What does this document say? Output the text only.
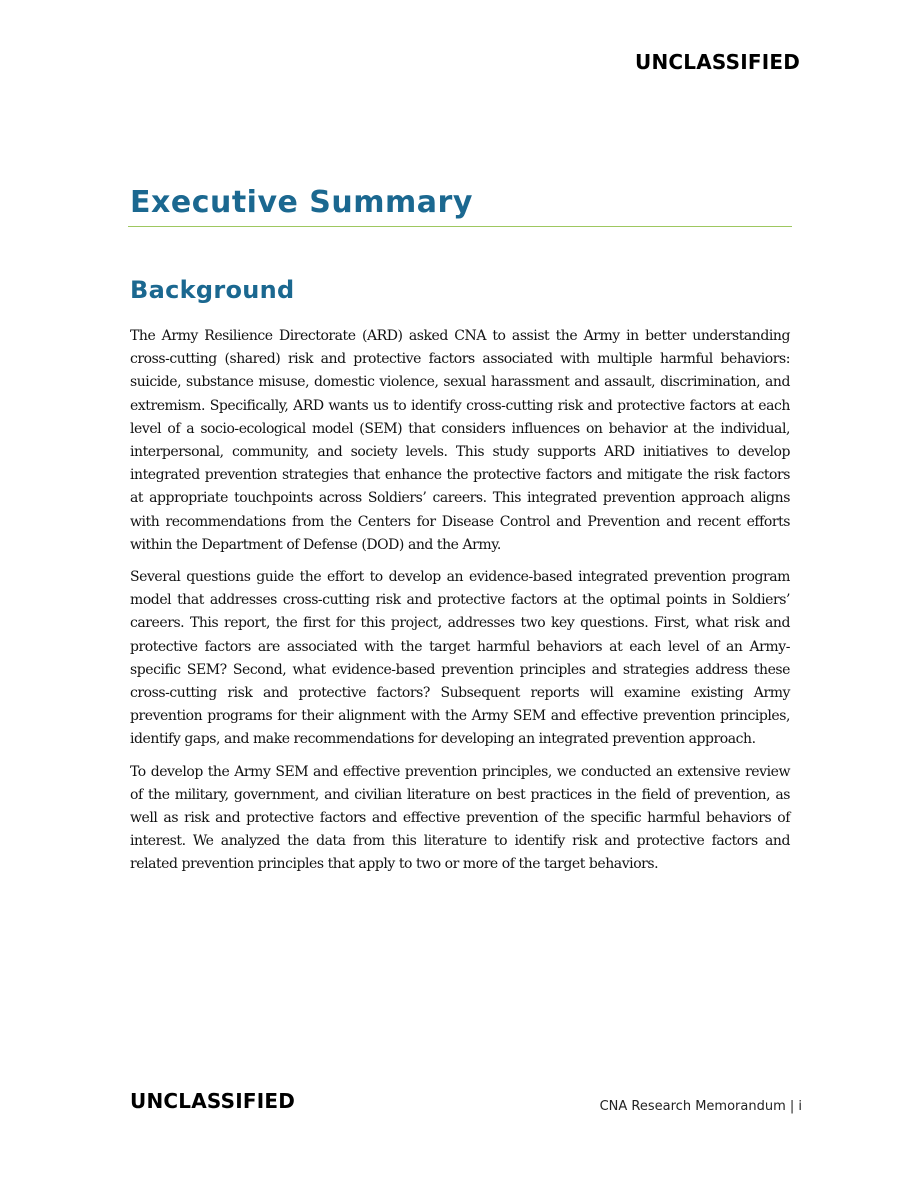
UNCLASSIFIED
Executive Summary
Background

The Army Resilience Directorate (ARD) asked CNA to assist the Army in better understanding cross-cutting (shared) risk and protective factors associated with multiple harmful behaviors: suicide, substance misuse, domestic violence, sexual harassment and assault, discrimination, and extremism. Specifically, ARD wants us to identify cross-cutting risk and protective factors at each level of a socio-ecological model (SEM) that considers influences on behavior at the individual, interpersonal, community, and society levels. This study supports ARD initiatives to develop integrated prevention strategies that enhance the protective factors and mitigate the risk factors at appropriate touchpoints across Soldiers’ careers. This integrated prevention approach aligns with recommendations from the Centers for Disease Control and Prevention and recent efforts within the Department of Defense (DOD) and the Army.

Several questions guide the effort to develop an evidence-based integrated prevention program model that addresses cross-cutting risk and protective factors at the optimal points in Soldiers’ careers. This report, the first for this project, addresses two key questions. First, what risk and protective factors are associated with the target harmful behaviors at each level of an Army-specific SEM? Second, what evidence-based prevention principles and strategies address these cross-cutting risk and protective factors? Subsequent reports will examine existing Army prevention programs for their alignment with the Army SEM and effective prevention principles, identify gaps, and make recommendations for developing an integrated prevention approach.

To develop the Army SEM and effective prevention principles, we conducted an extensive review of the military, government, and civilian literature on best practices in the field of prevention, as well as risk and protective factors and effective prevention of the specific harmful behaviors of interest. We analyzed the data from this literature to identify risk and protective factors and related prevention principles that apply to two or more of the target behaviors.

UNCLASSIFIED	CNA Research Memorandum | i
